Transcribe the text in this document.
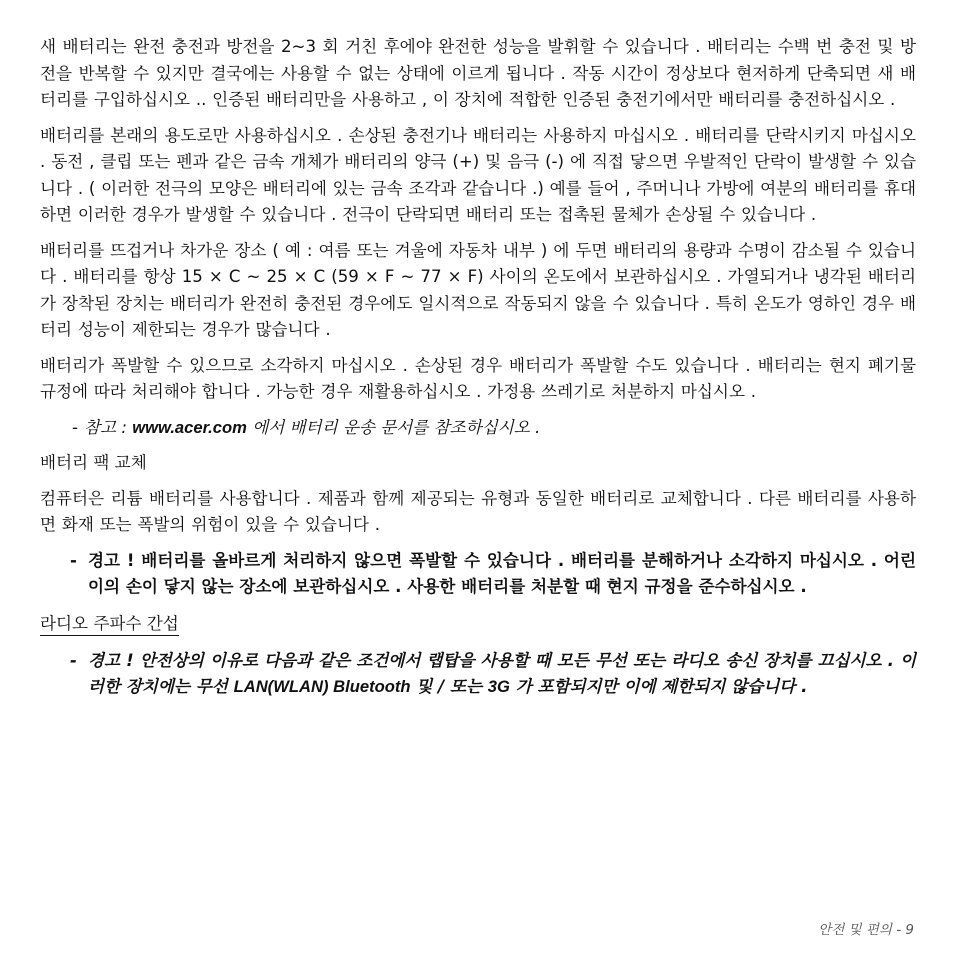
새 배터리는 완전 충전과 방전을 2~3 회 거친 후에야 완전한 성능을 발휘할 수 있습니다 . 배터리는 수백 번 충전 및 방전을 반복할 수 있지만 결국에는 사용할 수 없는 상태에 이르게 됩니다 . 작동 시간이 정상보다 현저하게 단축되면 새 배터리를 구입하십시오 .. 인증된 배터리만을 사용하고 , 이 장치에 적합한 인증된 충전기에서만 배터리를 충전하십시오 .

배터리를 본래의 용도로만 사용하십시오 . 손상된 충전기나 배터리는 사용하지 마십시오 . 배터리를 단락시키지 마십시오 . 동전 , 클립 또는 펜과 같은 금속 개체가 배터리의 양극 (+) 및 음극 (-) 에 직접 닿으면 우발적인 단락이 발생할 수 있습니다 . ( 이러한 전극의 모양은 배터리에 있는 금속 조각과 같습니다 .) 예를 들어 , 주머니나 가방에 여분의 배터리를 휴대하면 이러한 경우가 발생할 수 있습니다 . 전극이 단락되면 배터리 또는 접촉된 물체가 손상될 수 있습니다 .

배터리를 뜨겁거나 차가운 장소 ( 예 : 여름 또는 겨울에 자동차 내부 ) 에 두면 배터리의 용량과 수명이 감소될 수 있습니다 . 배터리를 항상 15 × C ~ 25 × C (59 × F ~ 77 × F) 사이의 온도에서 보관하십시오 . 가열되거나 냉각된 배터리가 장착된 장치는 배터리가 완전히 충전된 경우에도 일시적으로 작동되지 않을 수 있습니다 . 특히 온도가 영하인 경우 배터리 성능이 제한되는 경우가 많습니다 .

배터리가 폭발할 수 있으므로 소각하지 마십시오 . 손상된 경우 배터리가 폭발할 수도 있습니다 . 배터리는 현지 폐기물 규정에 따라 처리해야 합니다 . 가능한 경우 재활용하십시오 . 가정용 쓰레기로 처분하지 마십시오 .

- 참고 : www.acer.com 에서 배터리 운송 문서를 참조하십시오 .

배터리 팩 교체

컴퓨터은 리튬 배터리를 사용합니다 . 제품과 함께 제공되는 유형과 동일한 배터리로 교체합니다 . 다른 배터리를 사용하면 화재 또는 폭발의 위험이 있을 수 있습니다 .

- 경고 ! 배터리를 올바르게 처리하지 않으면 폭발할 수 있습니다 . 배터리를 분해하거나 소각하지 마십시오 . 어린이의 손이 닿지 않는 장소에 보관하십시오 . 사용한 배터리를 처분할 때 현지 규정을 준수하십시오 .
라디오 주파수 간섭
- 경고 ! 안전상의 이유로 다음과 같은 조건에서 랩탑을 사용할 때 모든 무선 또는 라디오 송신 장치를 끄십시오 . 이러한 장치에는 무선 LAN(WLAN) Bluetooth 및 / 또는 3G 가 포함되지만 이에 제한되지 않습니다 .
안전 및 편의 - 9
